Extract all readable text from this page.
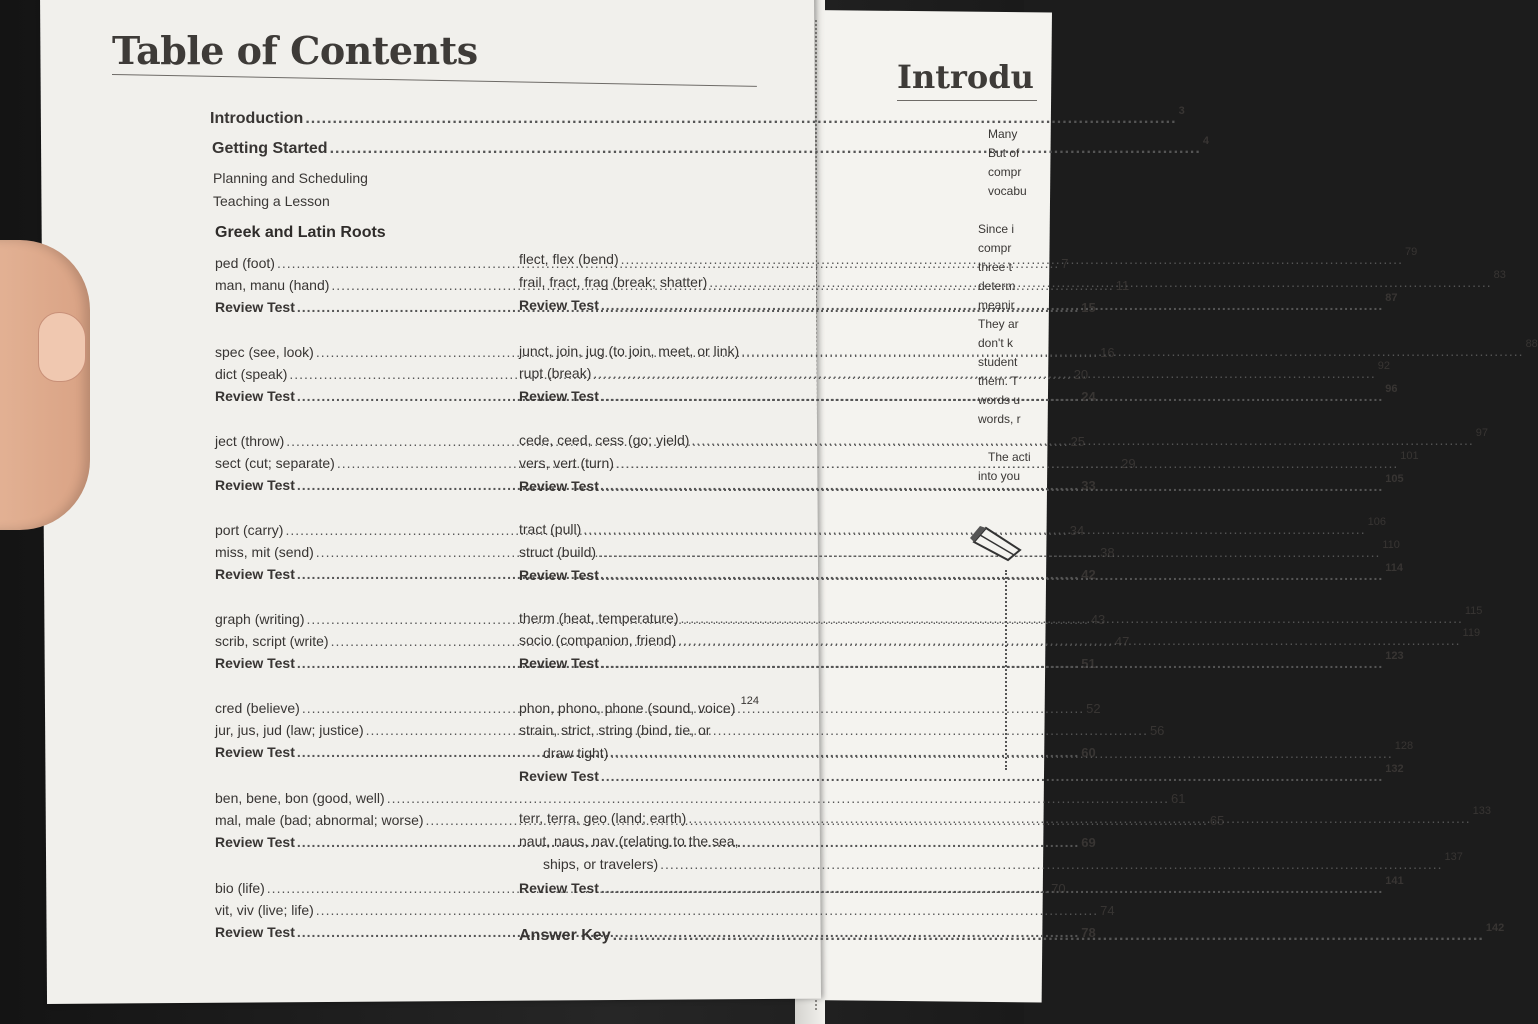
Table of Contents
Introduction .....	3
Getting Started .....	4
Planning and Scheduling
Teaching a Lesson
Greek and Latin Roots
ped (foot) .....	7
man, manu (hand) .....	11
Review Test .....	15
spec (see, look) .....	16
dict (speak) .....	20
Review Test .....	24
ject (throw) .....	25
sect (cut; separate) .....	29
Review Test .....	33
port (carry) .....	34
miss, mit (send) .....	38
Review Test .....	42
graph (writing) .....	43
scrib, script (write) .....	47
Review Test .....	51
cred (believe) .....	52
jur, jus, jud (law; justice) .....	56
Review Test .....	60
ben, bene, bon (good, well) .....	61
mal, male (bad; abnormal; worse) .....	65
Review Test .....	69
bio (life) .....	70
vit, viv (live; life) .....	74
Review Test .....	78
flect, flex (bend) .....	79
frail, fract, frag (break; shatter) .....	83
Review Test .....	87
junct, join, jug (to join, meet, or link) .....	88
rupt (break) .....	92
Review Test .....	96
cede, ceed, cess (go; yield) .....	97
vers, vert (turn) .....	101
Review Test .....	105
tract (pull) .....	106
struct (build) .....	110
Review Test .....	114
therm (heat, temperature) .....	115
socio (companion, friend) .....	119
Review Test .....	123
phon, phono, phone (sound, voice) ..... 124
strain, strict, string (bind, tie, or
draw tight) .....	128
Review Test .....	132
terr, terra, geo (land; earth) .....	133
naut, naus, nav (relating to the sea,
ships, or travelers) .....	137
Review Test .....	141
Answer Key .....	142
Introdu
Many
But of
compr
vocabu
Since i
compr
three t
determ
meanir
They ar
don't k
student
them. T
words u
words, r
The acti
into you
